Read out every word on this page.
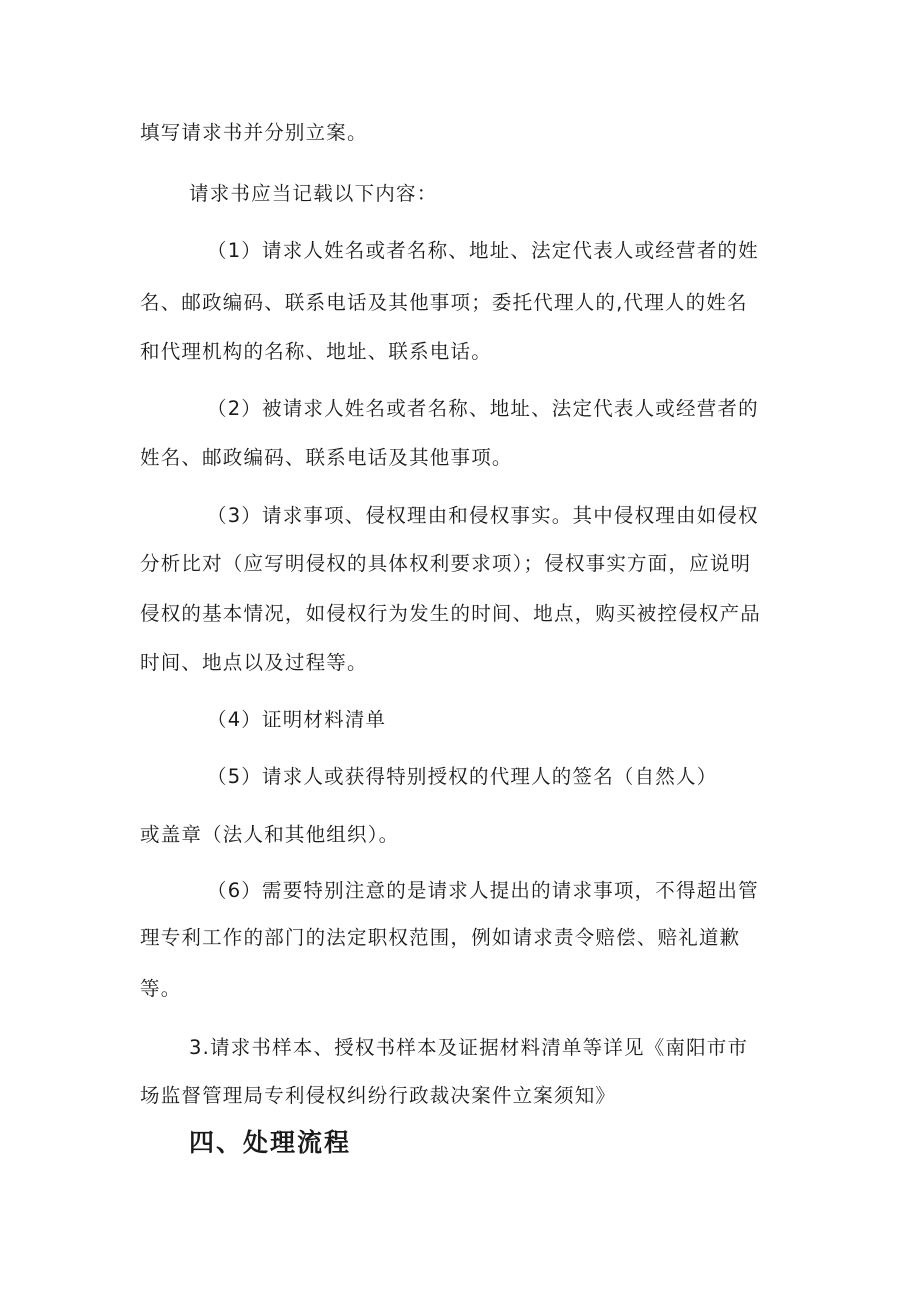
填写请求书并分别立案。
请求书应当记载以下内容：
（1）请求人姓名或者名称、地址、法定代表人或经营者的姓
名、邮政编码、联系电话及其他事项；委托代理人的,代理人的姓名
和代理机构的名称、地址、联系电话。
（2）被请求人姓名或者名称、地址、法定代表人或经营者的
姓名、邮政编码、联系电话及其他事项。
（3）请求事项、侵权理由和侵权事实。其中侵权理由如侵权
分析比对（应写明侵权的具体权利要求项）；侵权事实方面，应说明
侵权的基本情况，如侵权行为发生的时间、地点，购买被控侵权产品
时间、地点以及过程等。
（4）证明材料清单
（5）请求人或获得特别授权的代理人的签名（自然人）
或盖章（法人和其他组织）。
（6）需要特别注意的是请求人提出的请求事项，不得超出管
理专利工作的部门的法定职权范围，例如请求责令赔偿、赔礼道歉
等。
3.请求书样本、授权书样本及证据材料清单等详见《南阳市市
场监督管理局专利侵权纠纷行政裁决案件立案须知》
四、处理流程
